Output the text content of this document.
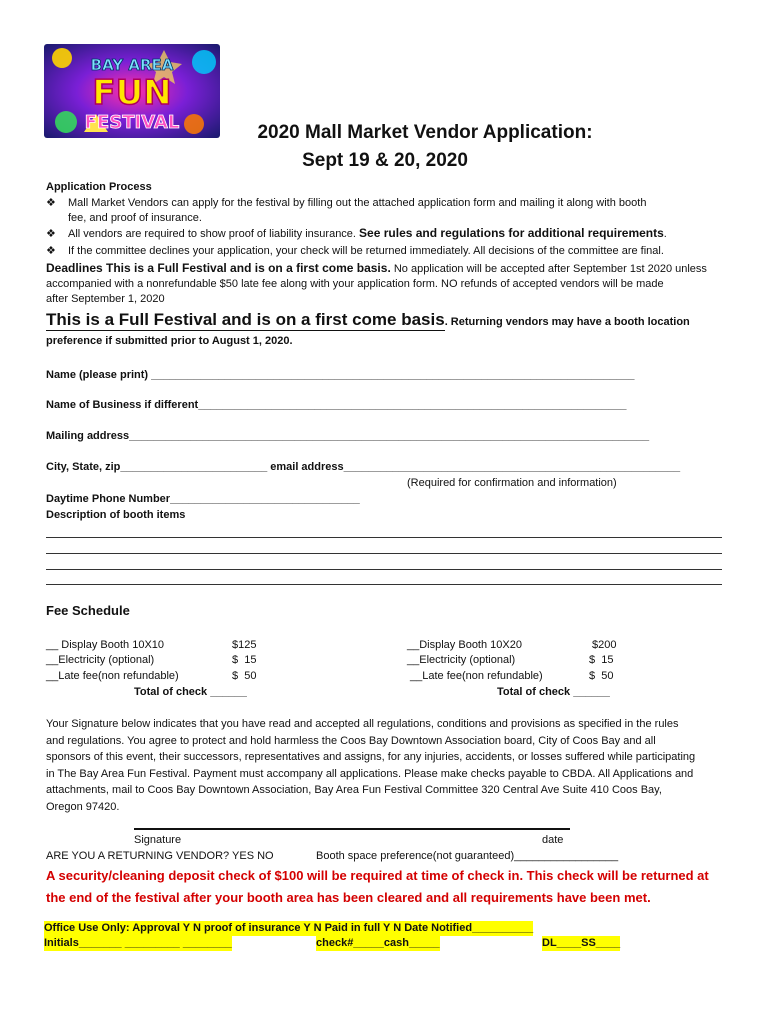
BAY AREA
FUN
FESTIVAL	2020 Mall Market Vendor Application:
Sept 19 & 20, 2020
Application Process
❖ Mall Market Vendors can apply for the festival by filling out the attached application form and mailing it along with booth
fee, and proof of insurance.
❖ All vendors are required to show proof of liability insurance. See rules and regulations for additional requirements.
❖ If the committee declines your application, your check will be returned immediately. All decisions of the committee are final.
Deadlines This is a Full Festival and is on a first come basis. No application will be accepted after September 1st 2020 unless
accompanied with a nonrefundable $50 late fee along with your application form. NO refunds of accepted vendors will be made
after September 1, 2020
This is a Full Festival and is on a first come basis. Returning vendors may have a booth location
preference if submitted prior to August 1, 2020.
Name (please print) _______________________________________________________________________________
Name of Business if different______________________________________________________________________
Mailing address_____________________________________________________________________________________
City, State, zip________________________ email address_______________________________________________________
(Required for confirmation and information)
Daytime Phone Number_______________________________
Description of booth items
Fee Schedule
__ Display Booth 10X10	$125
__Electricity (optional)	$  15
__Late fee(non refundable)	$  50
Total of check ______
__Display Booth 10X20	$200
__Electricity (optional)	$  15
__Late fee(non refundable)	$  50
Total of check ______
Your Signature below indicates that you have read and accepted all regulations, conditions and provisions as specified in the rules
and regulations. You agree to protect and hold harmless the Coos Bay Downtown Association board, City of Coos Bay and all
sponsors of this event, their successors, representatives and assigns, for any injuries, accidents, or losses suffered while participating
in The Bay Area Fun Festival. Payment must accompany all applications. Please make checks payable to CBDA. All Applications and
attachments, mail to Coos Bay Downtown Association, Bay Area Fun Festival Committee 320 Central Ave Suite 410 Coos Bay,
Oregon 97420.
Signature	date
ARE YOU A RETURNING VENDOR? YES NO	Booth space preference(not guaranteed)_________________
A security/cleaning deposit check of $100 will be required at time of check in. This check will be returned at
the end of the festival after your booth area has been cleared and all requirements have been met.
Office Use Only: Approval Y N proof of insurance Y N Paid in full Y N Date Notified__________
Initials_______ _________ ________	check#_____cash_____	DL____SS____
